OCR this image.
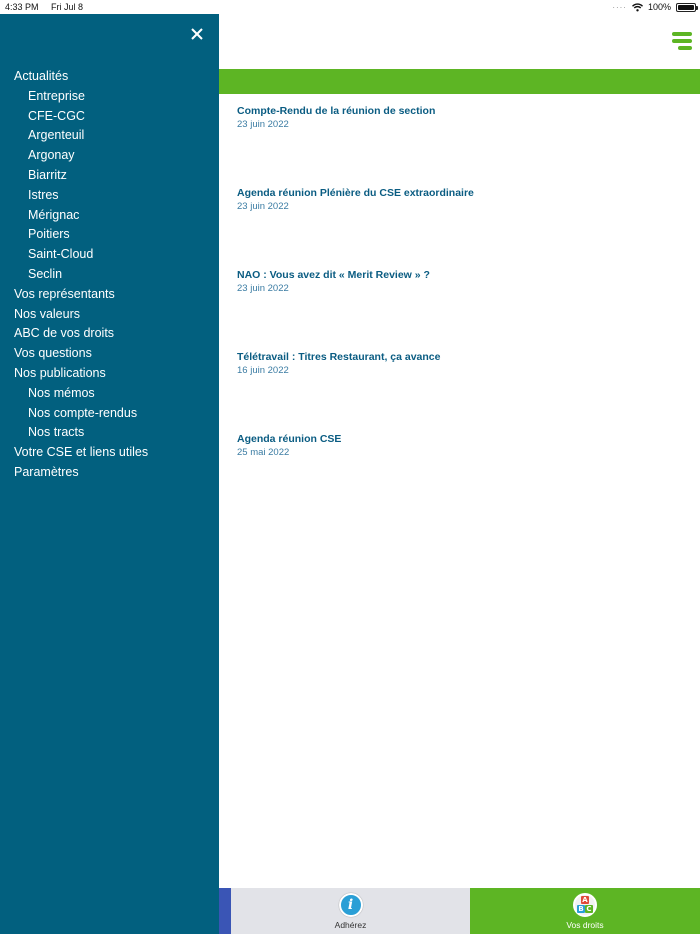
4:33 PM Fri Jul 8	···· 100%
Actualités
Entreprise
CFE-CGC
Argenteuil
Argonay
Biarritz
Istres
Mérignac
Poitiers
Saint-Cloud
Seclin
Vos représentants
Nos valeurs
ABC de vos droits
Vos questions
Nos publications
Nos mémos
Nos compte-rendus
Nos tracts
Votre CSE et liens utiles
Paramètres
Compte-Rendu de la réunion de section
23 juin 2022
Agenda réunion Plénière du CSE extraordinaire
23 juin 2022
NAO : Vous avez dit « Merit Review » ?
23 juin 2022
Télétravail : Titres Restaurant, ça avance
16 juin 2022
Agenda réunion CSE
25 mai 2022
i
Adhérez
A
B C
Vos droits
